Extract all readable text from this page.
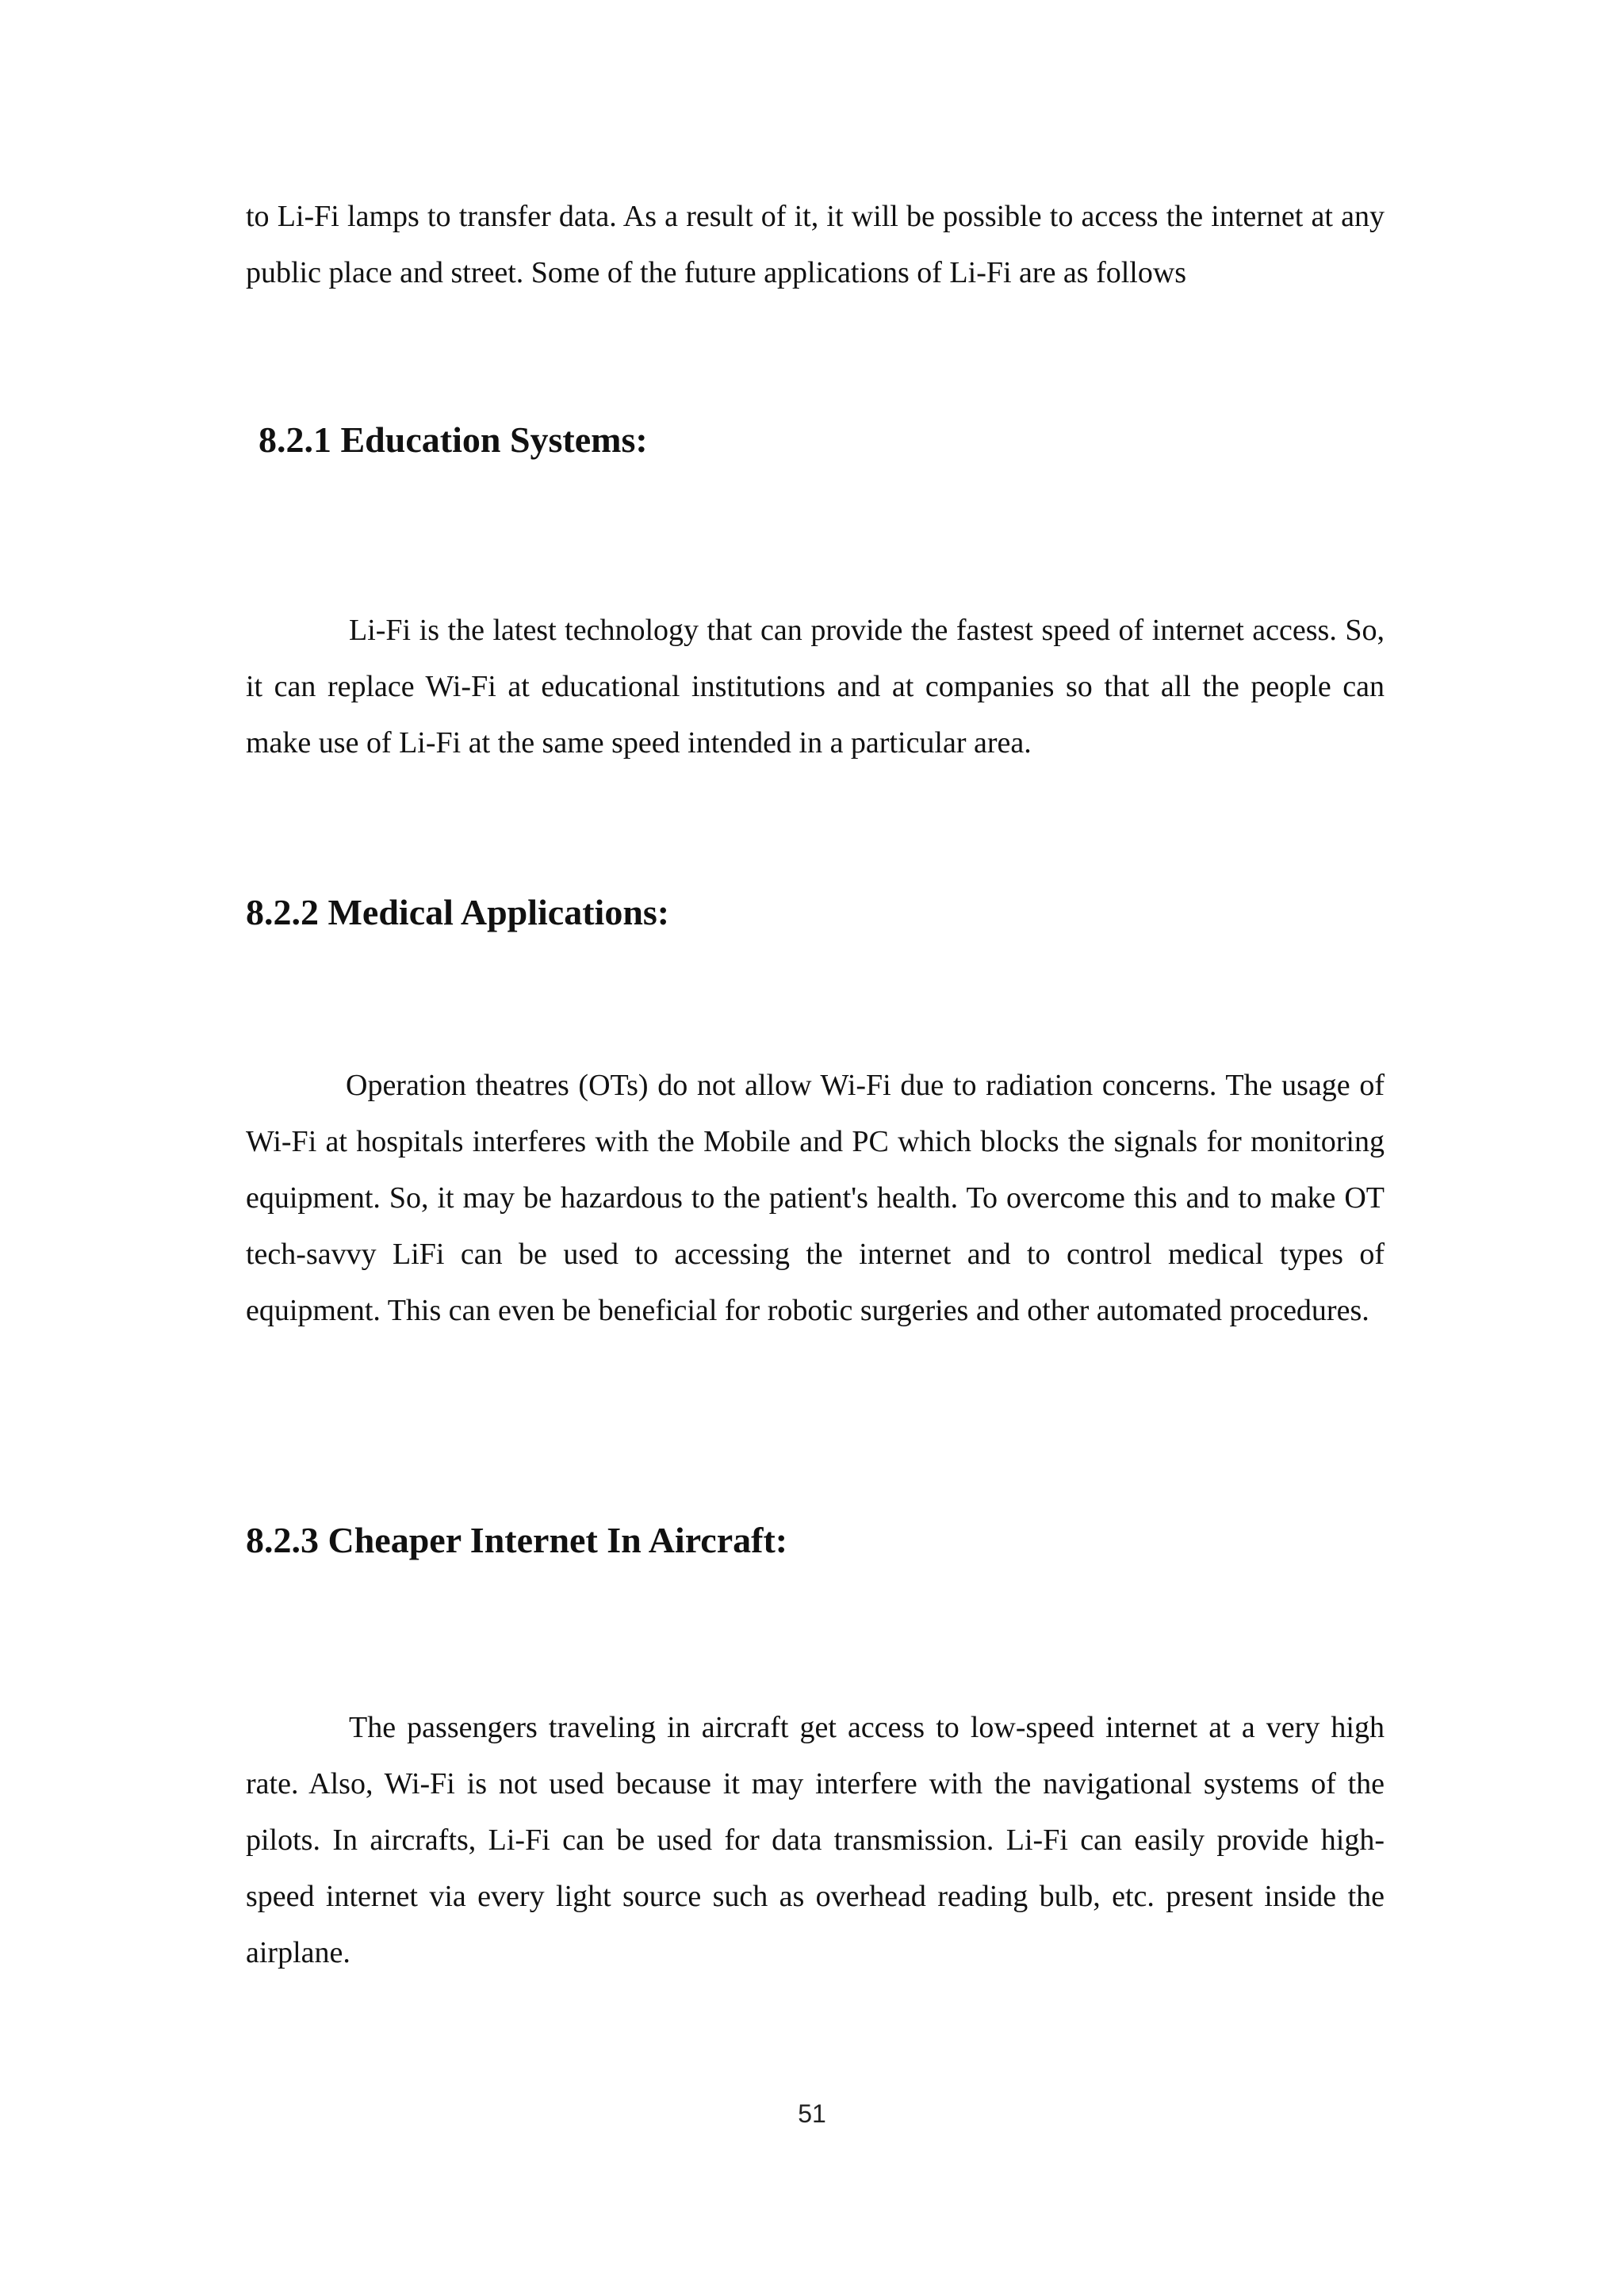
to Li-Fi lamps to transfer data. As a result of it, it will be possible to access the internet at any public place and street. Some of the future applications of Li-Fi are as follows

8.2.1 Education Systems:

Li-Fi is the latest technology that can provide the fastest speed of internet access. So, it can replace Wi-Fi at educational institutions and at companies so that all the people can make use of Li-Fi at the same speed intended in a particular area.

8.2.2 Medical Applications:

Operation theatres (OTs) do not allow Wi-Fi due to radiation concerns. The usage of Wi-Fi at hospitals interferes with the Mobile and PC which blocks the signals for monitoring equipment. So, it may be hazardous to the patient's health. To overcome this and to make OT tech-savvy LiFi can be used to accessing the internet and to control medical types of equipment. This can even be beneficial for robotic surgeries and other automated procedures.

8.2.3 Cheaper Internet In Aircraft:

The passengers traveling in aircraft get access to low-speed internet at a very high rate. Also, Wi-Fi is not used because it may interfere with the navigational systems of the pilots. In aircrafts, Li-Fi can be used for data transmission. Li-Fi can easily provide high-speed internet via every light source such as overhead reading bulb, etc. present inside the airplane.

51
